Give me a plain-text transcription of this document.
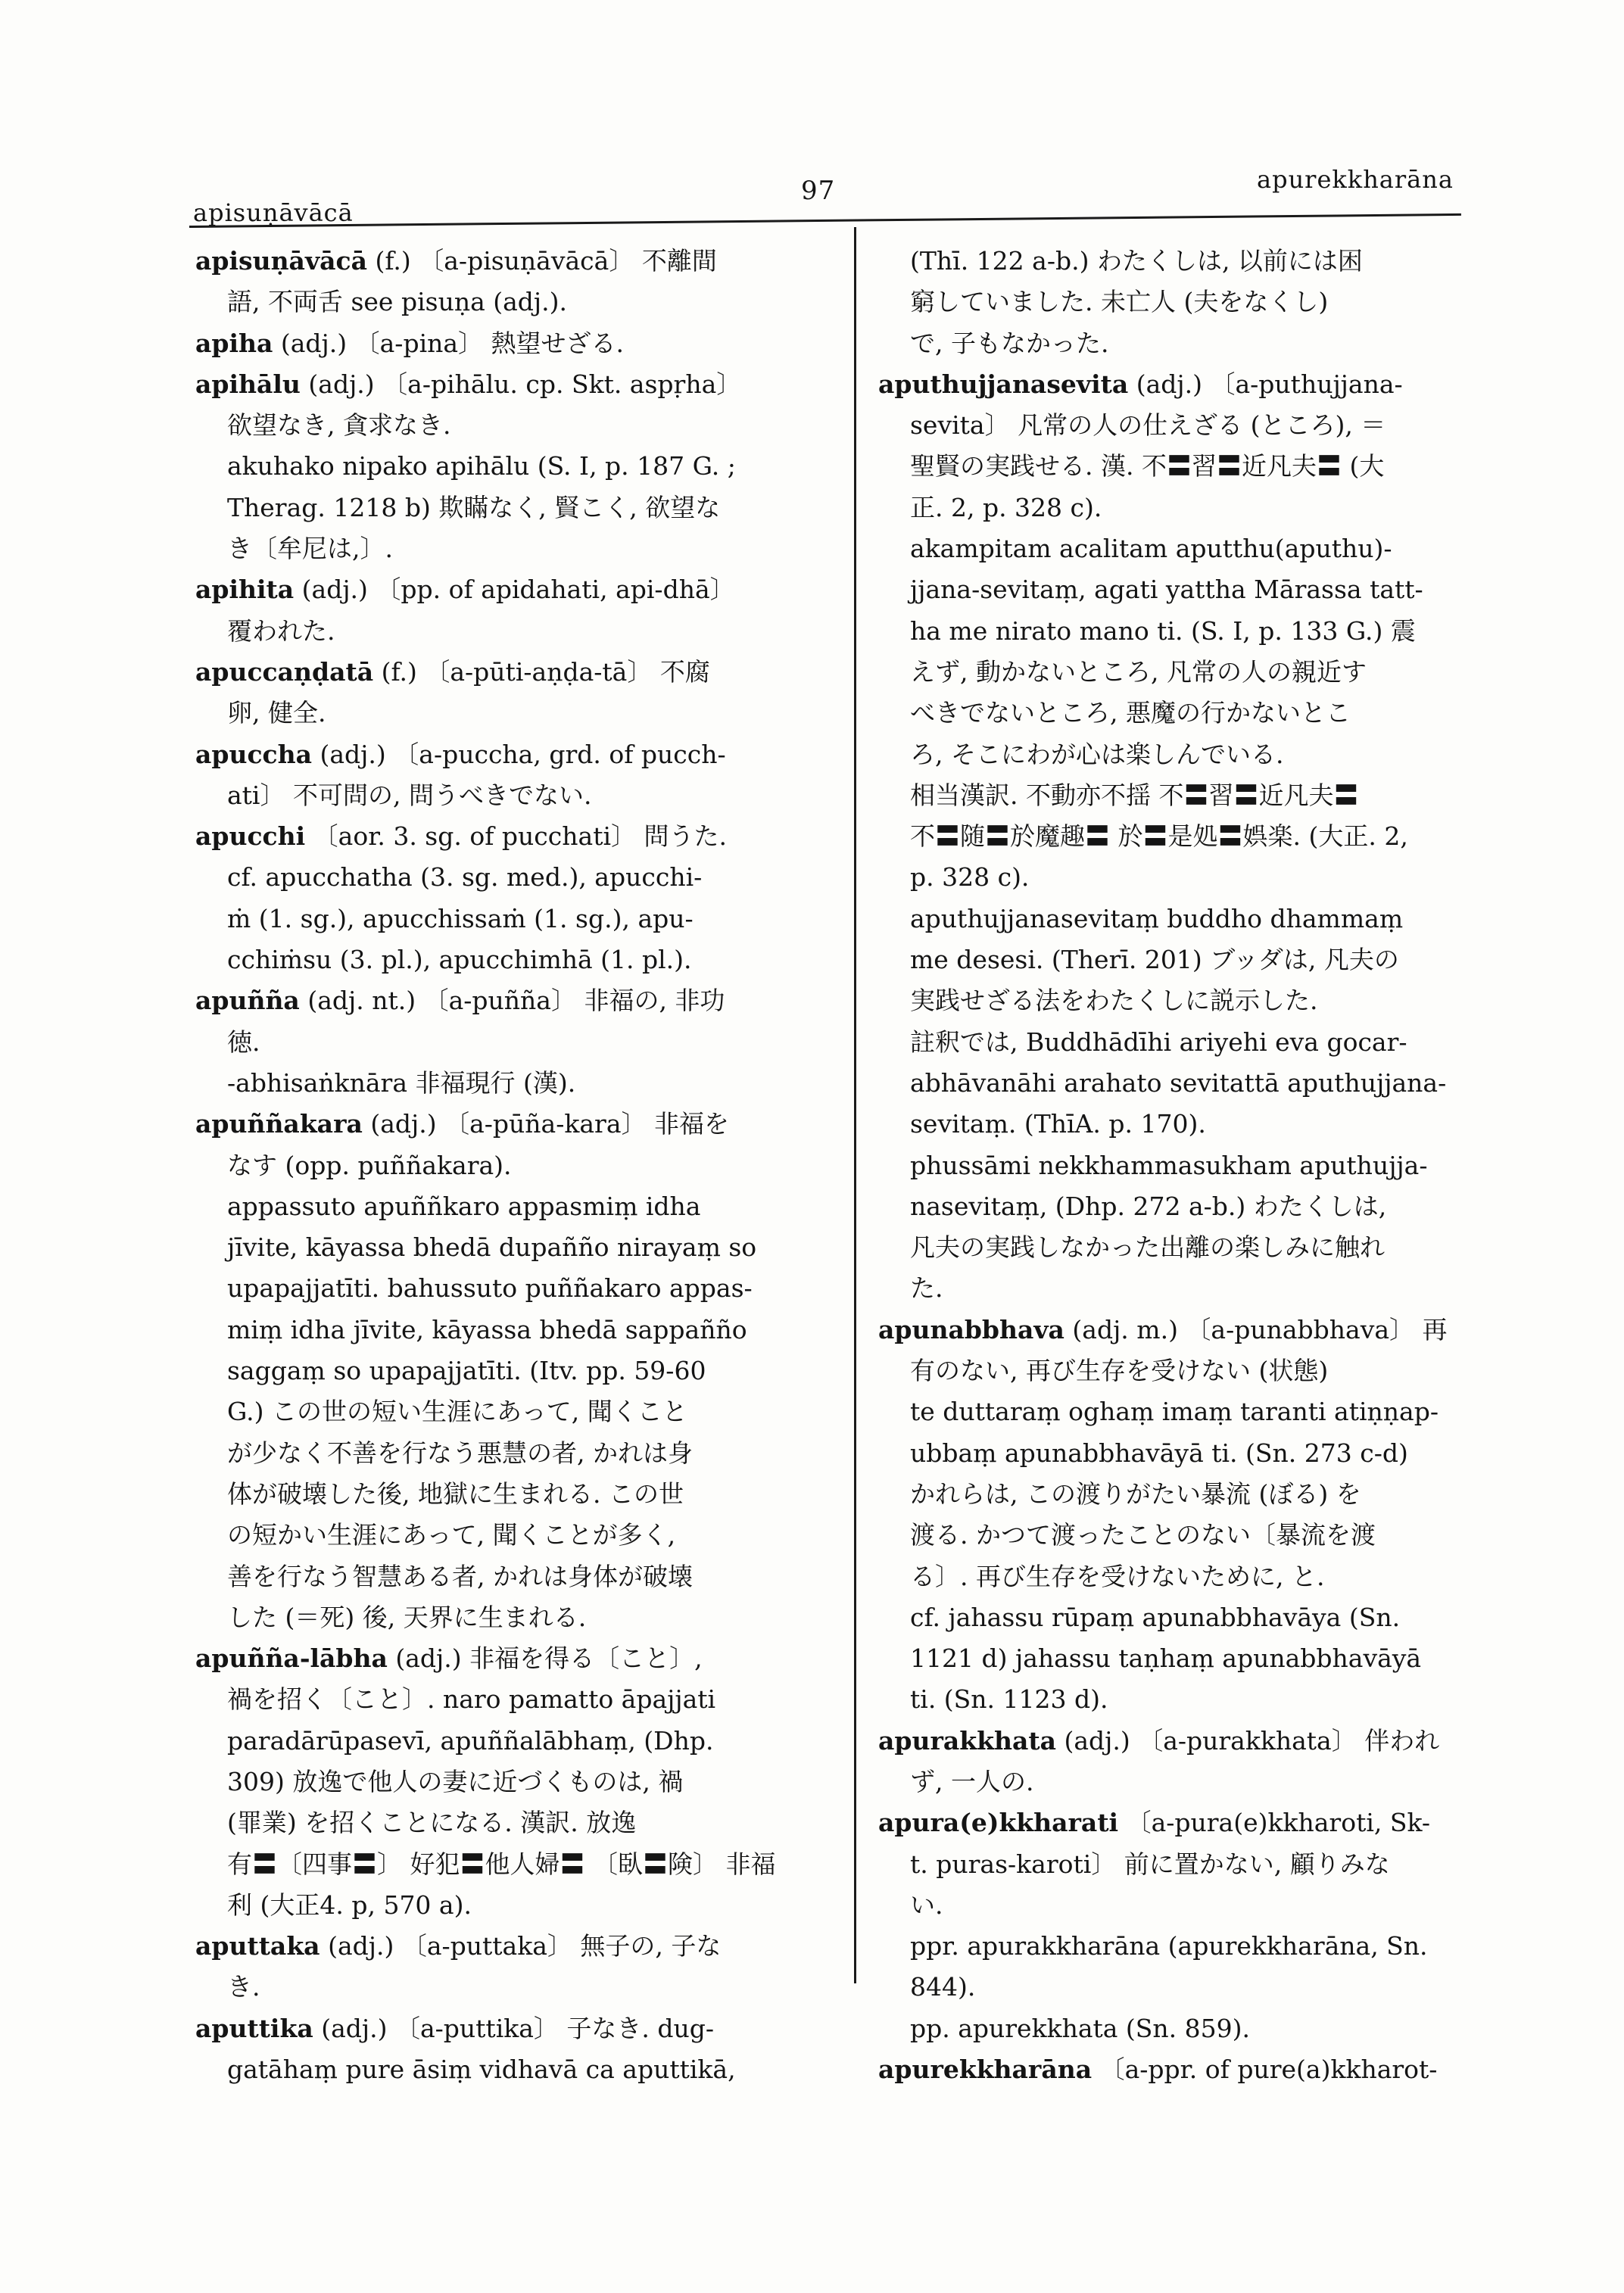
apisuṇāvācā
97	apurekkharāna
apisuṇāvācā (f.) 〔a-pisuṇāvācā〕 不離間
語, 不両舌 see pisuṇa (adj.).
apiha (adj.) 〔a-pina〕 熱望せざる.
apihālu (adj.) 〔a-pihālu. cp. Skt. aspṛha〕
欲望なき, 貪求なき.
akuhako nipako apihālu (S. I, p. 187 G. ;
Therag. 1218 b) 欺瞞なく, 賢こく, 欲望な
き〔牟尼は,〕.
apihita (adj.) 〔pp. of apidahati, api-dhā〕
覆われた.
apuccaṇḍatā (f.) 〔a-pūti-aṇḍa-tā〕 不腐
卵, 健全.
apuccha (adj.) 〔a-puccha, grd. of pucch-
ati〕 不可問の, 問うべきでない.
apucchi 〔aor. 3. sg. of pucchati〕 問うた.
cf. apucchatha (3. sg. med.), apucchi-
ṁ (1. sg.), apucchissaṁ (1. sg.), apu-
cchiṁsu (3. pl.), apucchimhā (1. pl.).
apuñña (adj. nt.) 〔a-puñña〕 非福の, 非功
徳.
-abhisaṅknāra 非福現行 (漢).
apuññakara (adj.) 〔a-pūña-kara〕 非福を
なす (opp. puññakara).
appassuto apuññkaro appasmiṃ idha
jīvite, kāyassa bhedā dupañño nirayaṃ so
upapajjatīti. bahussuto puññakaro appas-
miṃ idha jīvite, kāyassa bhedā sappañño
saggaṃ so upapajjatīti. (Itv. pp. 59-60
G.) この世の短い生涯にあって, 聞くこと
が少なく不善を行なう悪慧の者, かれは身
体が破壊した後, 地獄に生まれる. この世
の短かい生涯にあって, 聞くことが多く,
善を行なう智慧ある者, かれは身体が破壊
した (＝死) 後, 天界に生まれる.
apuñña-lābha (adj.) 非福を得る〔こと〕,
禍を招く〔こと〕. naro pamatto āpajjati
paradārūpasevī, apuññalābhaṃ, (Dhp.
309) 放逸で他人の妻に近づくものは, 禍
(罪業) を招くことになる. 漢訳. 放逸
有〓〔四事〓〕 好犯〓他人婦〓 〔臥〓険〕 非福
利 (大正4. p, 570 a).
aputtaka (adj.) 〔a-puttaka〕 無子の, 子な
き.
aputtika (adj.) 〔a-puttika〕 子なき. dug-
gatāhaṃ pure āsiṃ vidhavā ca aputtikā,
(Thī. 122 a-b.) わたくしは, 以前には困
窮していました. 未亡人 (夫をなくし)
で, 子もなかった.
aputhujjanasevita (adj.) 〔a-puthujjana-
sevita〕 凡常の人の仕えざる (ところ), ＝
聖賢の実践せる. 漢. 不〓習〓近凡夫〓 (大
正. 2, p. 328 c).
akampitam acalitam aputthu(aputhu)-
jjana-sevitaṃ, agati yattha Mārassa tatt-
ha me nirato mano ti. (S. I, p. 133 G.) 震
えず, 動かないところ, 凡常の人の親近す
べきでないところ, 悪魔の行かないとこ
ろ, そこにわが心は楽しんでいる.
相当漢訳. 不動亦不揺 不〓習〓近凡夫〓
不〓随〓於魔趣〓 於〓是処〓娯楽. (大正. 2,
p. 328 c).
aputhujjanasevitaṃ buddho dhammaṃ
me desesi. (Therī. 201) ブッダは, 凡夫の
実践せざる法をわたくしに説示した.
註釈では, Buddhādīhi ariyehi eva gocar-
abhāvanāhi arahato sevitattā aputhujjana-
sevitaṃ. (ThīA. p. 170).
phussāmi nekkhammasukham aputhujja-
nasevitaṃ, (Dhp. 272 a-b.) わたくしは,
凡夫の実践しなかった出離の楽しみに触れ
た.
apunabbhava (adj. m.) 〔a-punabbhava〕 再
有のない, 再び生存を受けない (状態)
te duttaraṃ oghaṃ imaṃ taranti atiṇṇap-
ubbaṃ apunabbhavāyā ti. (Sn. 273 c-d)
かれらは, この渡りがたい暴流 (ぼる) を
渡る. かつて渡ったことのない〔暴流を渡
る〕. 再び生存を受けないために, と.
cf. jahassu rūpaṃ apunabbhavāya (Sn.
1121 d) jahassu taṇhaṃ apunabbhavāyā
ti. (Sn. 1123 d).
apurakkhata (adj.) 〔a-purakkhata〕 伴われ
ず, 一人の.
apura(e)kkharati 〔a-pura(e)kkharoti, Sk-
t. puras-karoti〕 前に置かない, 顧りみな
い.
ppr. apurakkharāna (apurekkharāna, Sn.
844).
pp. apurekkhata (Sn. 859).
apurekkharāna 〔a-ppr. of pure(a)kkharot-
